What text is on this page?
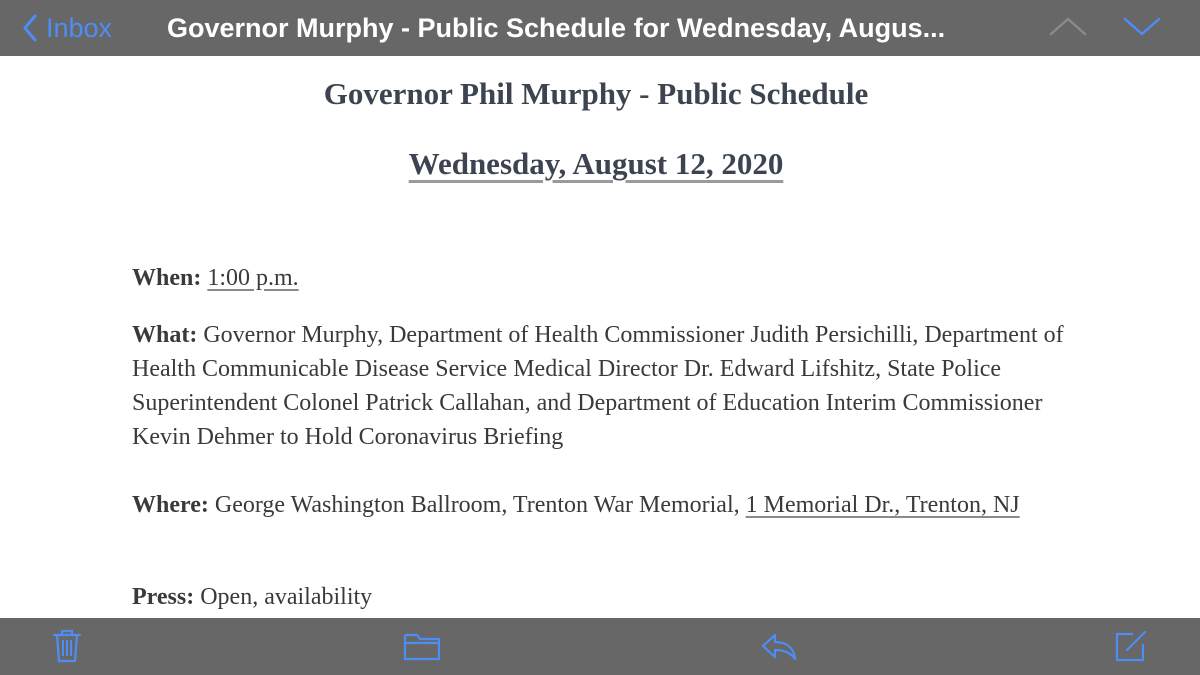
Inbox Governor Murphy - Public Schedule for Wednesday, Augus...
Governor Phil Murphy - Public Schedule
Wednesday, August 12, 2020
When: 1:00 p.m.
What: Governor Murphy, Department of Health Commissioner Judith Persichilli, Department of Health Communicable Disease Service Medical Director Dr. Edward Lifshitz, State Police Superintendent Colonel Patrick Callahan, and Department of Education Interim Commissioner Kevin Dehmer to Hold Coronavirus Briefing
Where: George Washington Ballroom, Trenton War Memorial, 1 Memorial Dr., Trenton, NJ
Press: Open, availability
